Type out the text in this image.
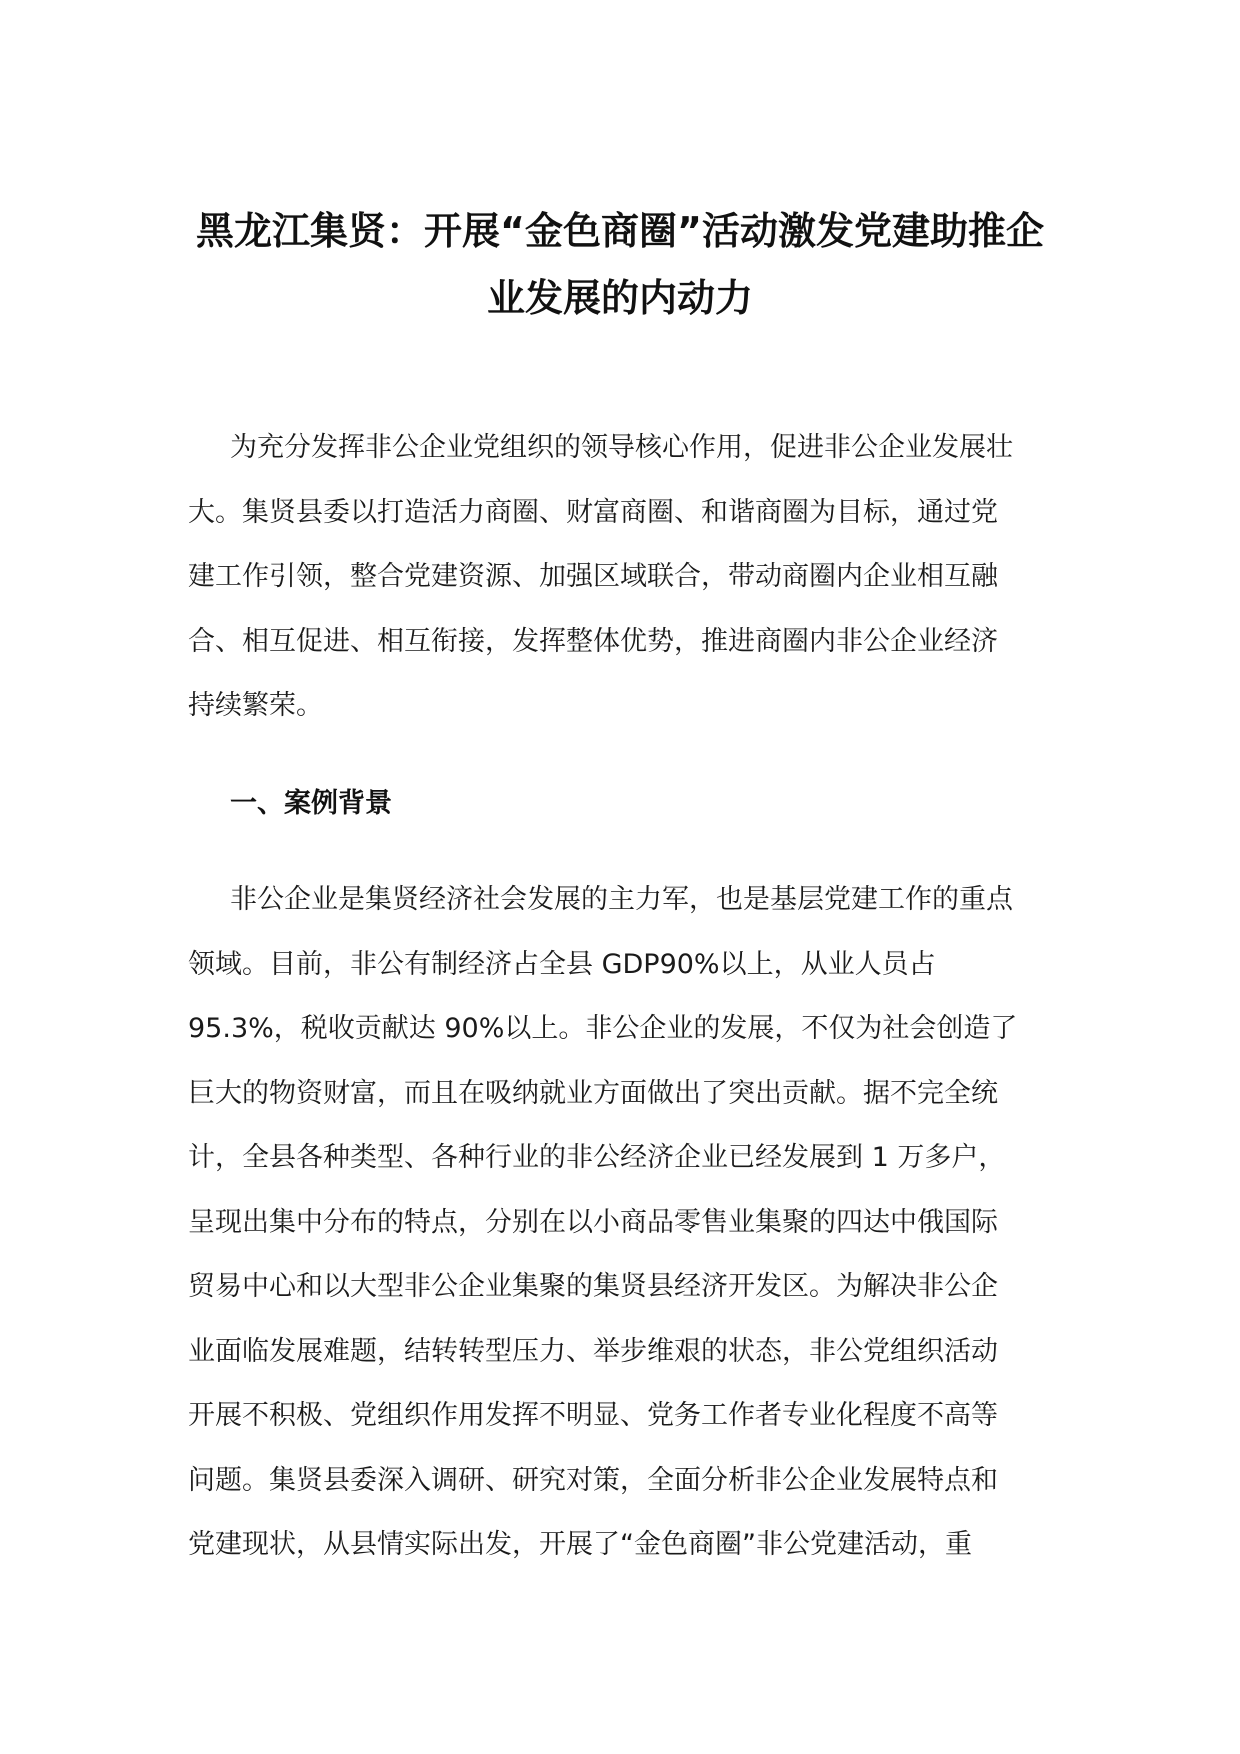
黑龙江集贤：开展“金色商圈”活动激发党建助推企
业发展的内动力

为充分发挥非公企业党组织的领导核心作用，促进非公企业发展壮
大。集贤县委以打造活力商圈、财富商圈、和谐商圈为目标，通过党
建工作引领，整合党建资源、加强区域联合，带动商圈内企业相互融
合、相互促进、相互衔接，发挥整体优势，推进商圈内非公企业经济
持续繁荣。

一、案例背景

非公企业是集贤经济社会发展的主力军，也是基层党建工作的重点
领域。目前，非公有制经济占全县 GDP90%以上，从业人员占
95.3%，税收贡献达 90%以上。非公企业的发展，不仅为社会创造了
巨大的物资财富，而且在吸纳就业方面做出了突出贡献。据不完全统
计，全县各种类型、各种行业的非公经济企业已经发展到 1 万多户，
呈现出集中分布的特点，分别在以小商品零售业集聚的四达中俄国际
贸易中心和以大型非公企业集聚的集贤县经济开发区。为解决非公企
业面临发展难题，结转转型压力、举步维艰的状态，非公党组织活动
开展不积极、党组织作用发挥不明显、党务工作者专业化程度不高等
问题。集贤县委深入调研、研究对策，全面分析非公企业发展特点和
党建现状，从县情实际出发，开展了“金色商圈”非公党建活动，重
